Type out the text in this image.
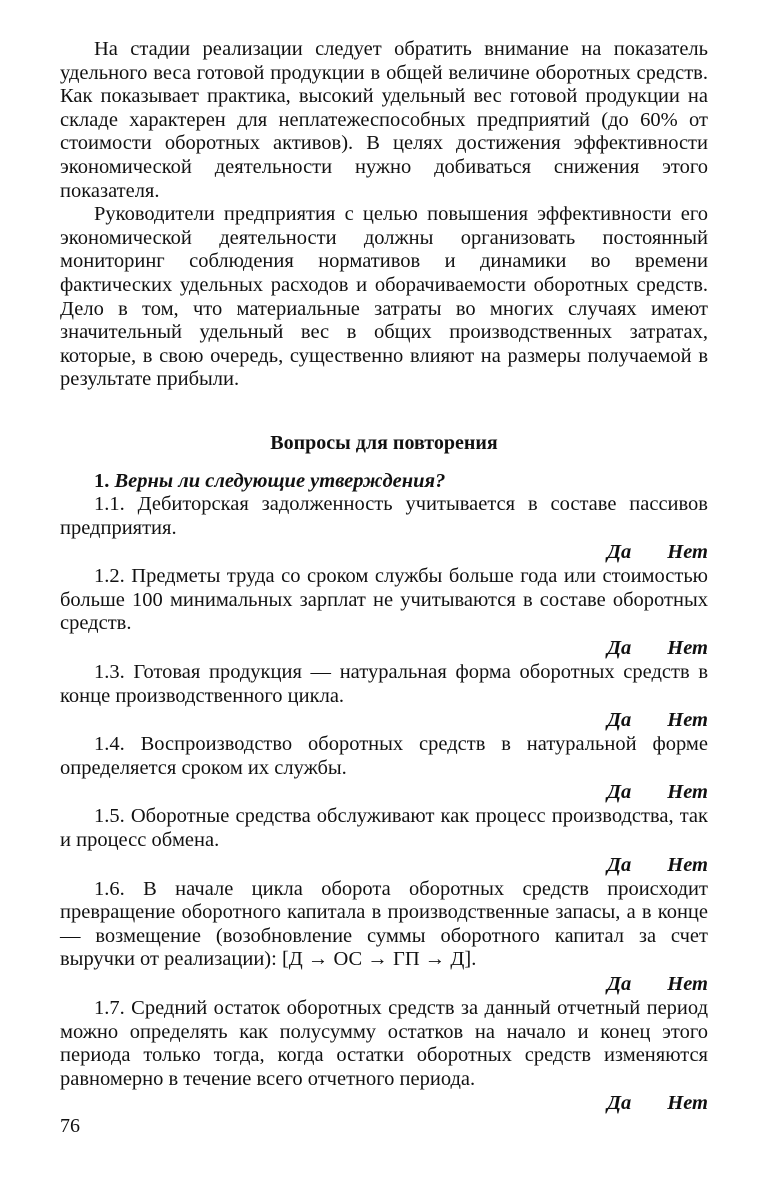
На стадии реализации следует обратить внимание на показатель удельного веса готовой продукции в общей величине оборотных средств. Как показывает практика, высокий удельный вес готовой продукции на складе характерен для неплатежеспособных предприятий (до 60% от стоимости оборотных активов). В целях достижения эффективности экономической деятельности нужно добиваться снижения этого показателя.

Руководители предприятия с целью повышения эффективности его экономической деятельности должны организовать постоянный мониторинг соблюдения нормативов и динамики во времени фактических удельных расходов и оборачиваемости оборотных средств. Дело в том, что материальные затраты во многих случаях имеют значительный удельный вес в общих производственных затратах, которые, в свою очередь, существенно влияют на размеры получаемой в результате прибыли.

Вопросы для повторения

1. Верны ли следующие утверждения?

1.1. Дебиторская задолженность учитывается в составе пассивов предприятия.

Да Нет

1.2. Предметы труда со сроком службы больше года или стоимостью больше 100 минимальных зарплат не учитываются в составе оборотных средств.

Да Нет

1.3. Готовая продукция — натуральная форма оборотных средств в конце производственного цикла.

Да Нет

1.4. Воспроизводство оборотных средств в натуральной форме определяется сроком их службы.

Да Нет

1.5. Оборотные средства обслуживают как процесс производства, так и процесс обмена.

Да Нет

1.6. В начале цикла оборота оборотных средств происходит превращение оборотного капитала в производственные запасы, а в конце — возмещение (возобновление суммы оборотного капитал за счет выручки от реализации): [Д → ОС → ГП → Д].

Да Нет

1.7. Средний остаток оборотных средств за данный отчетный период можно определять как полусумму остатков на начало и конец этого периода только тогда, когда остатки оборотных средств изменяются равномерно в течение всего отчетного периода.

Да Нет

76
